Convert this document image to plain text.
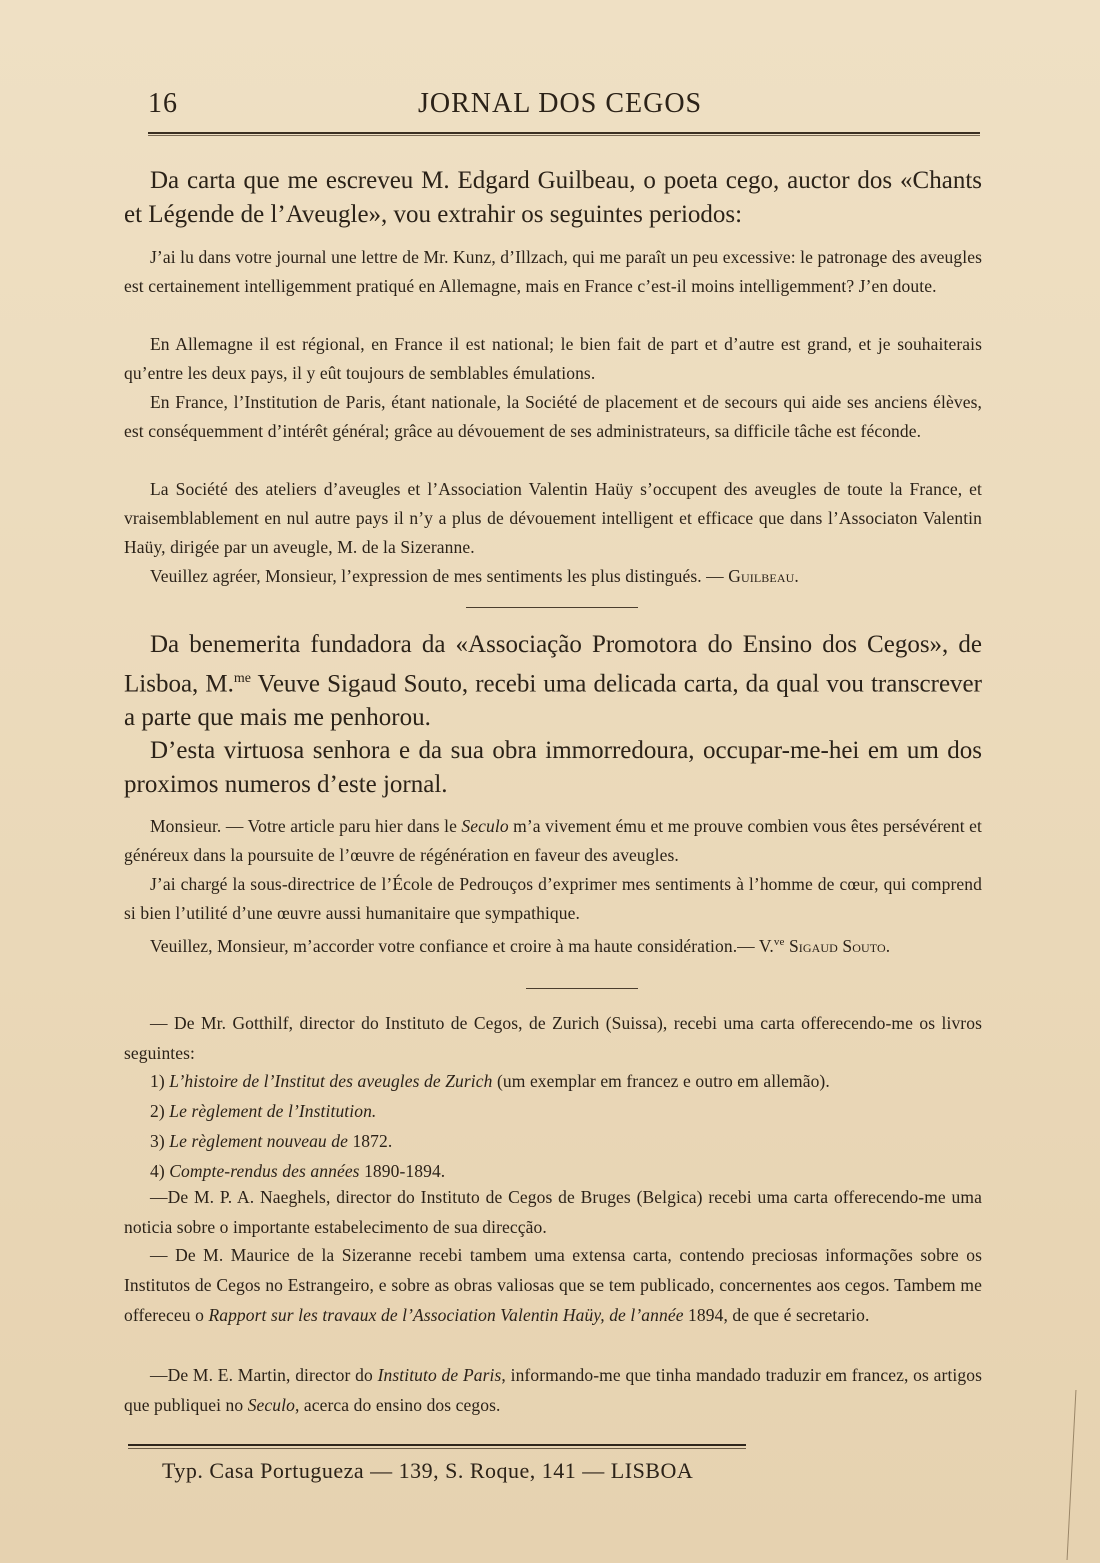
16	JORNAL DOS CEGOS

Da carta que me escreveu M. Edgard Guilbeau, o poeta cego, auctor dos «Chants et Légende de l’Aveugle», vou extrahir os seguintes periodos:

J’ai lu dans votre journal une lettre de Mr. Kunz, d’Illzach, qui me paraît un peu excessive: le patronage des aveugles est certainement intelligemment pratiqué en Allemagne, mais en France c’est-il moins intelligemment? J’en doute.

En Allemagne il est régional, en France il est national; le bien fait de part et d’autre est grand, et je souhaiterais qu’entre les deux pays, il y eût toujours de semblables émulations.

En France, l’Institution de Paris, étant nationale, la Société de placement et de secours qui aide ses anciens élèves, est conséquemment d’intérêt général; grâce au dévouement de ses administrateurs, sa difficile tâche est féconde.

La Société des ateliers d’aveugles et l’Association Valentin Haüy s’occupent des aveugles de toute la France, et vraisemblablement en nul autre pays il n’y a plus de dévouement intelligent et efficace que dans l’Associaton Valentin Haüy, dirigée par un aveugle, M. de la Sizeranne.

Veuillez agréer, Monsieur, l’expression de mes sentiments les plus distingués. — Guilbeau.

Da benemerita fundadora da «Associação Promotora do Ensino dos Cegos», de Lisboa, M.$^{me}$ Veuve Sigaud Souto, recebi uma delicada carta, da qual vou transcrever a parte que mais me penhorou.

D’esta virtuosa senhora e da sua obra immorredoura, occupar-me-hei em um dos proximos numeros d’este jornal.

Monsieur. — Votre article paru hier dans le Seculo m’a vivement ému et me prouve combien vous êtes persévérent et généreux dans la poursuite de l’œuvre de régénération en faveur des aveugles.

J’ai chargé la sous-directrice de l’École de Pedrouços d’exprimer mes sentiments à l’homme de cœur, qui comprend si bien l’utilité d’une œuvre aussi humanitaire que sympathique.

Veuillez, Monsieur, m’accorder votre confiance et croire à ma haute considération.— V.$^{ve}$ Sigaud Souto.

— De Mr. Gotthilf, director do Instituto de Cegos, de Zurich (Suissa), recebi uma carta offerecendo-me os livros seguintes:

1) L’histoire de l’Institut des aveugles de Zurich (um exemplar em francez e outro em allemão).
2) Le règlement de l’Institution.
3) Le règlement nouveau de 1872.
4) Compte-rendus des années 1890-1894.

—De M. P. A. Naeghels, director do Instituto de Cegos de Bruges (Belgica) recebi uma carta offerecendo-me uma noticia sobre o importante estabelecimento de sua direcção.

— De M. Maurice de la Sizeranne recebi tambem uma extensa carta, contendo preciosas informações sobre os Institutos de Cegos no Estrangeiro, e sobre as obras valiosas que se tem publicado, concernentes aos cegos. Tambem me offereceu o Rapport sur les travaux de l’Association Valentin Haüy, de l’année 1894, de que é secretario.

—De M. E. Martin, director do Instituto de Paris, informando-me que tinha mandado traduzir em francez, os artigos que publiquei no Seculo, acerca do ensino dos cegos.

Typ. Casa Portugueza — 139, S. Roque, 141 — LISBOA
